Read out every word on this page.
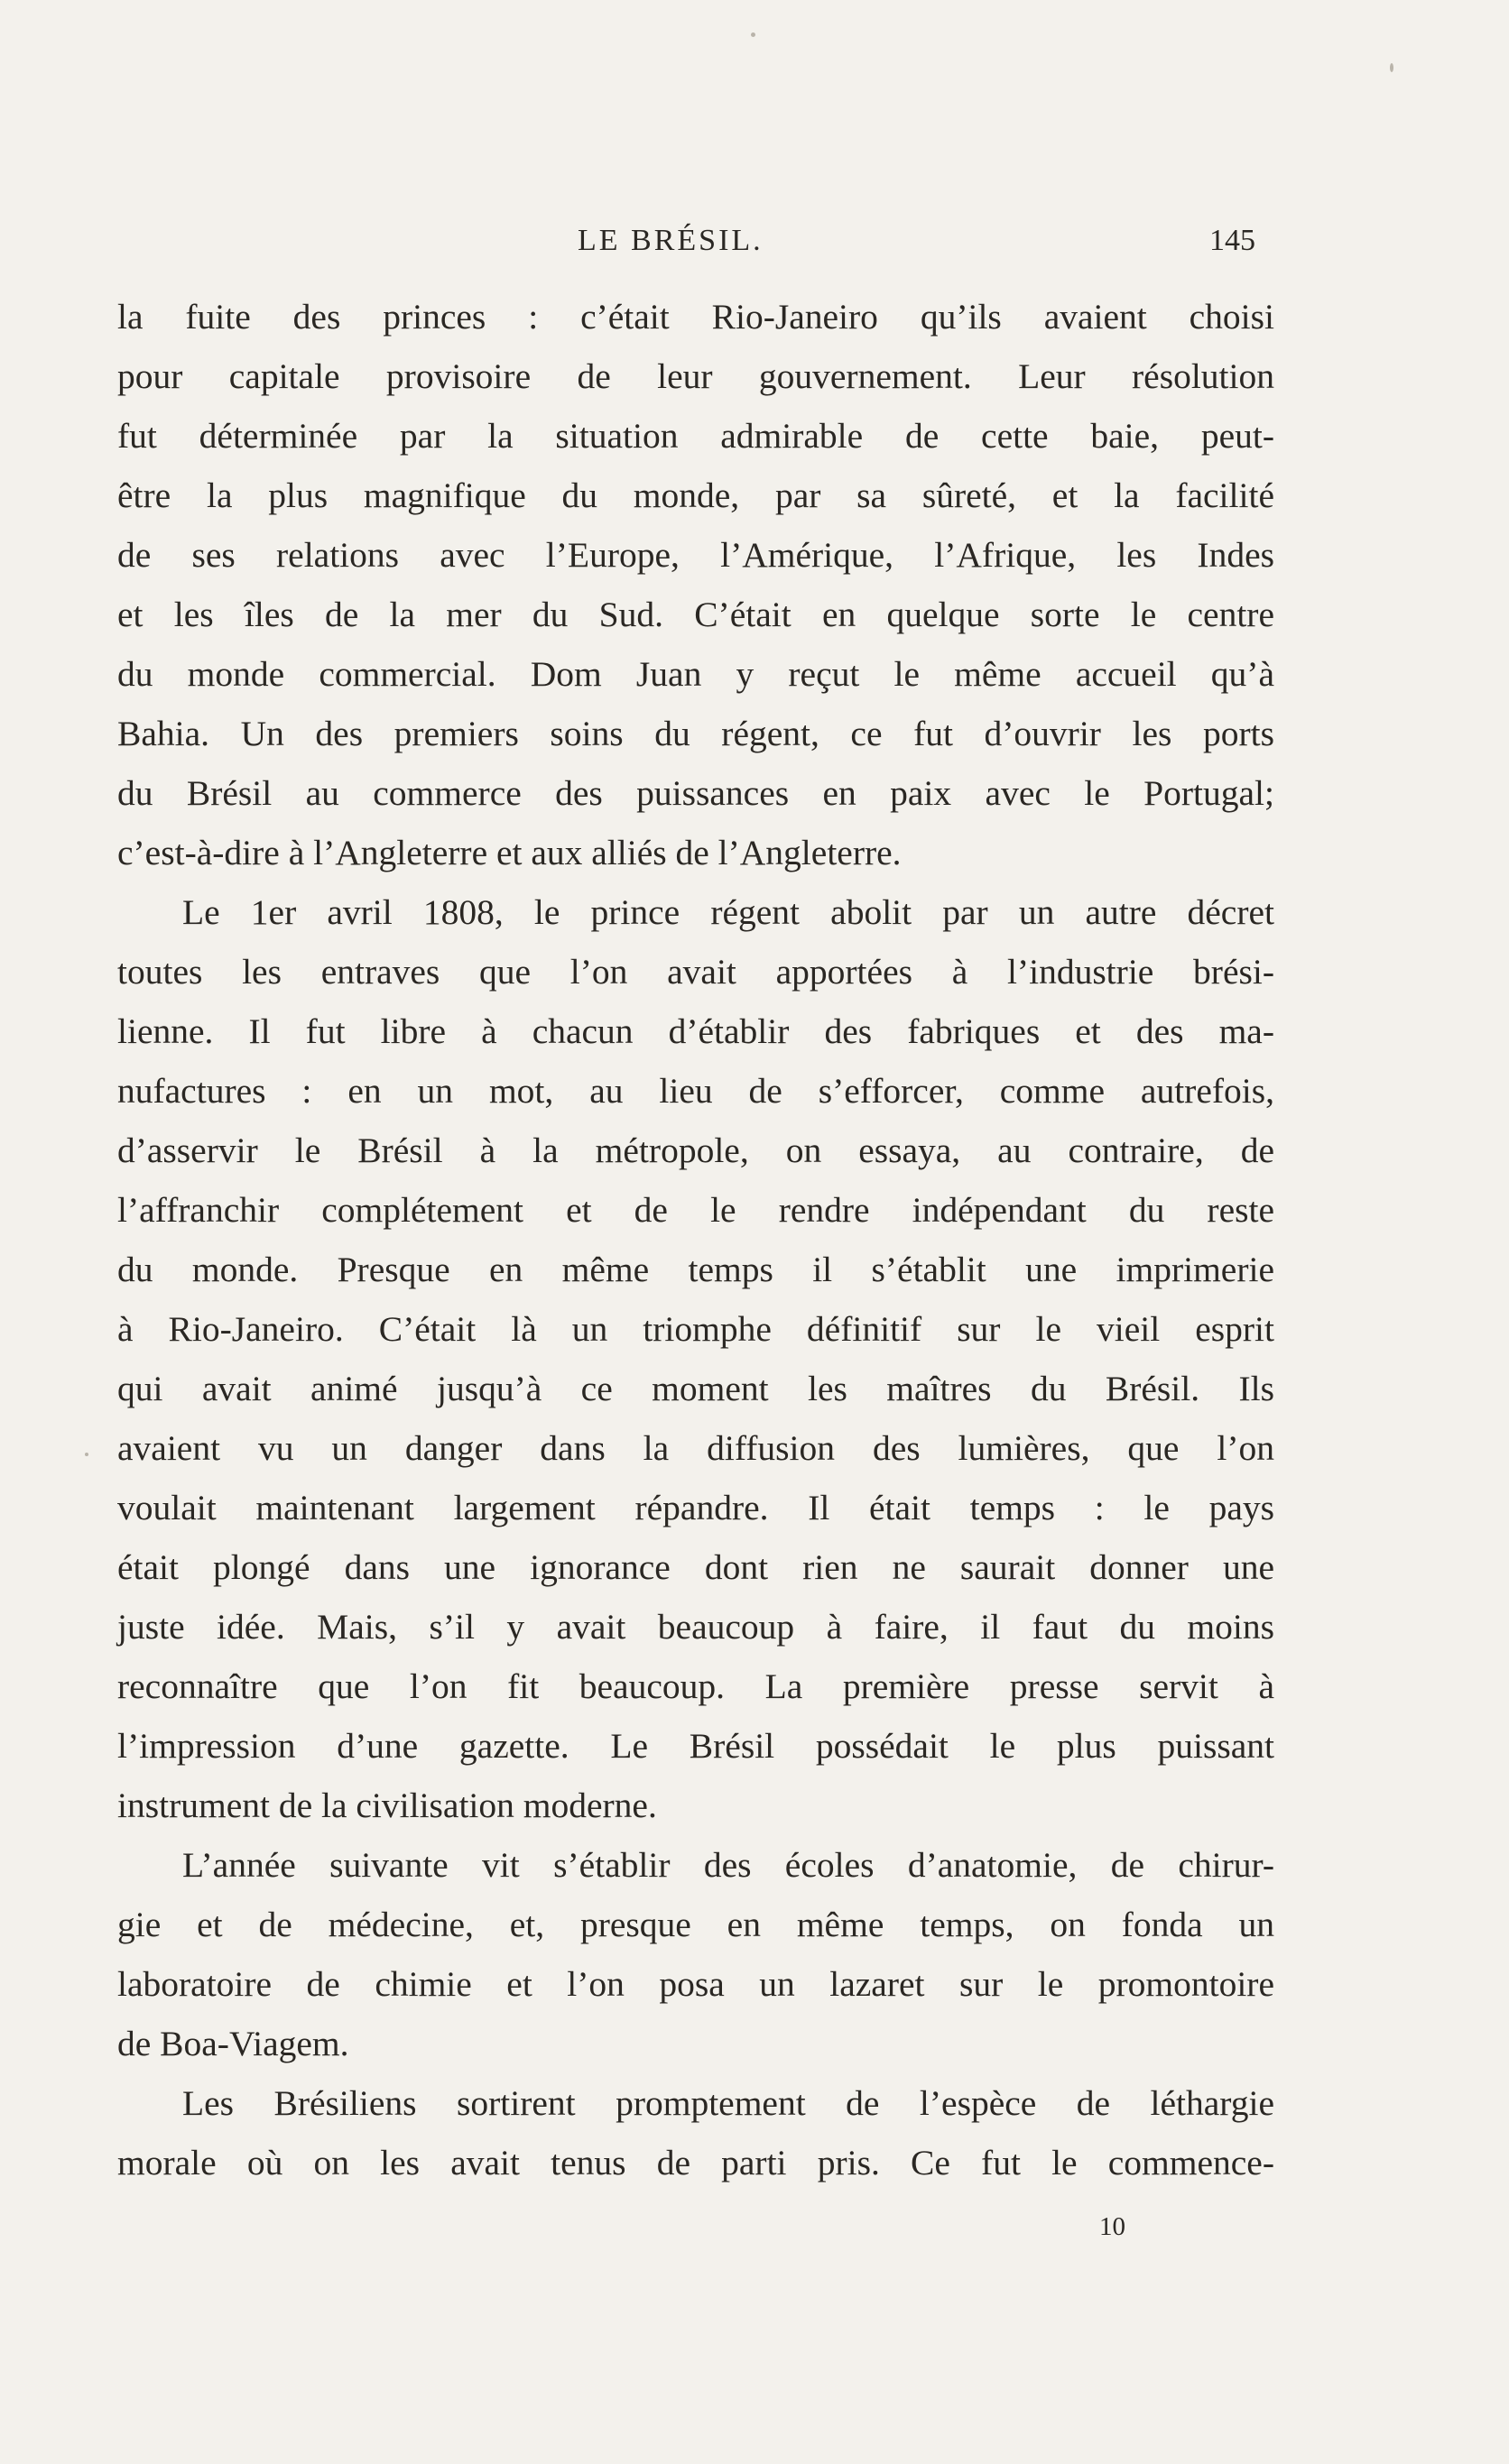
LE BRÉSIL.	145
la fuite des princes : c’était Rio-Janeiro qu’ils avaient choisi
pour capitale provisoire de leur gouvernement. Leur résolution
fut déterminée par la situation admirable de cette baie, peut-
être la plus magnifique du monde, par sa sûreté, et la facilité
de ses relations avec l’Europe, l’Amérique, l’Afrique, les Indes
et les îles de la mer du Sud. C’était en quelque sorte le centre
du monde commercial. Dom Juan y reçut le même accueil qu’à
Bahia. Un des premiers soins du régent, ce fut d’ouvrir les ports
du Brésil au commerce des puissances en paix avec le Portugal;
c’est-à-dire à l’Angleterre et aux alliés de l’Angleterre.
Le 1er avril 1808, le prince régent abolit par un autre décret
toutes les entraves que l’on avait apportées à l’industrie brési-
lienne. Il fut libre à chacun d’établir des fabriques et des ma-
nufactures : en un mot, au lieu de s’efforcer, comme autrefois,
d’asservir le Brésil à la métropole, on essaya, au contraire, de
l’affranchir complétement et de le rendre indépendant du reste
du monde. Presque en même temps il s’établit une imprimerie
à Rio-Janeiro. C’était là un triomphe définitif sur le vieil esprit
qui avait animé jusqu’à ce moment les maîtres du Brésil. Ils
avaient vu un danger dans la diffusion des lumières, que l’on
voulait maintenant largement répandre. Il était temps : le pays
était plongé dans une ignorance dont rien ne saurait donner une
juste idée. Mais, s’il y avait beaucoup à faire, il faut du moins
reconnaître que l’on fit beaucoup. La première presse servit à
l’impression d’une gazette. Le Brésil possédait le plus puissant
instrument de la civilisation moderne.
L’année suivante vit s’établir des écoles d’anatomie, de chirur-
gie et de médecine, et, presque en même temps, on fonda un
laboratoire de chimie et l’on posa un lazaret sur le promontoire
de Boa-Viagem.
Les Brésiliens sortirent promptement de l’espèce de léthargie
morale où on les avait tenus de parti pris. Ce fut le commence-
10
